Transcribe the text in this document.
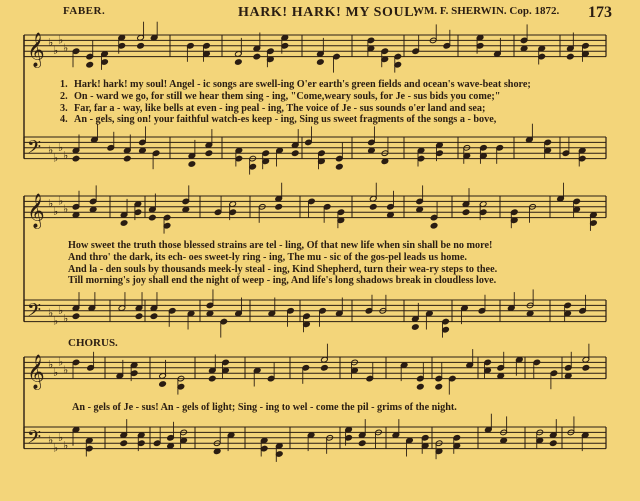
FABER.	HARK! HARK! MY SOUL.
WM. F. SHERWIN. Cop. 1872. 173
𝄞 ♭
♭
♭
♭
𝄢 ♭
♭
♭
♭
𝄞 ♭
♭
♭
♭
𝄢 ♭
♭
♭
♭
𝄞 ♭
♭
♭
♭
𝄢 ♭
♭
♭
♭
1. Hark! hark! my soul! Angel - ic songs are swell-ing O'er earth's green fields and ocean's wave-beat shore;
2. On - ward we go, for still we hear them sing - ing, "Come,weary souls, for Je - sus bids you come;"
3. Far, far a - way, like bells at even - ing peal - ing, The voice of Je - sus sounds o'er land and sea;
4. An - gels, sing on! your faithful watch-es keep - ing, Sing us sweet fragments of the songs a - bove,
How sweet the truth those blessed strains are tel - ling, Of that new life when sin shall be no more!
And thro' the dark, its ech- oes sweet-ly ring - ing, The mu - sic of the gos-pel leads us home.
And la - den souls by thousands meek-ly steal - ing, Kind Shepherd, turn their wea-ry steps to thee.
Till morning's joy shall end the night of weep - ing, And life's long shadows break in cloudless love.
CHORUS.
An - gels of Je - sus! An - gels of light; Sing - ing to wel - come the pil - grims of the night.
